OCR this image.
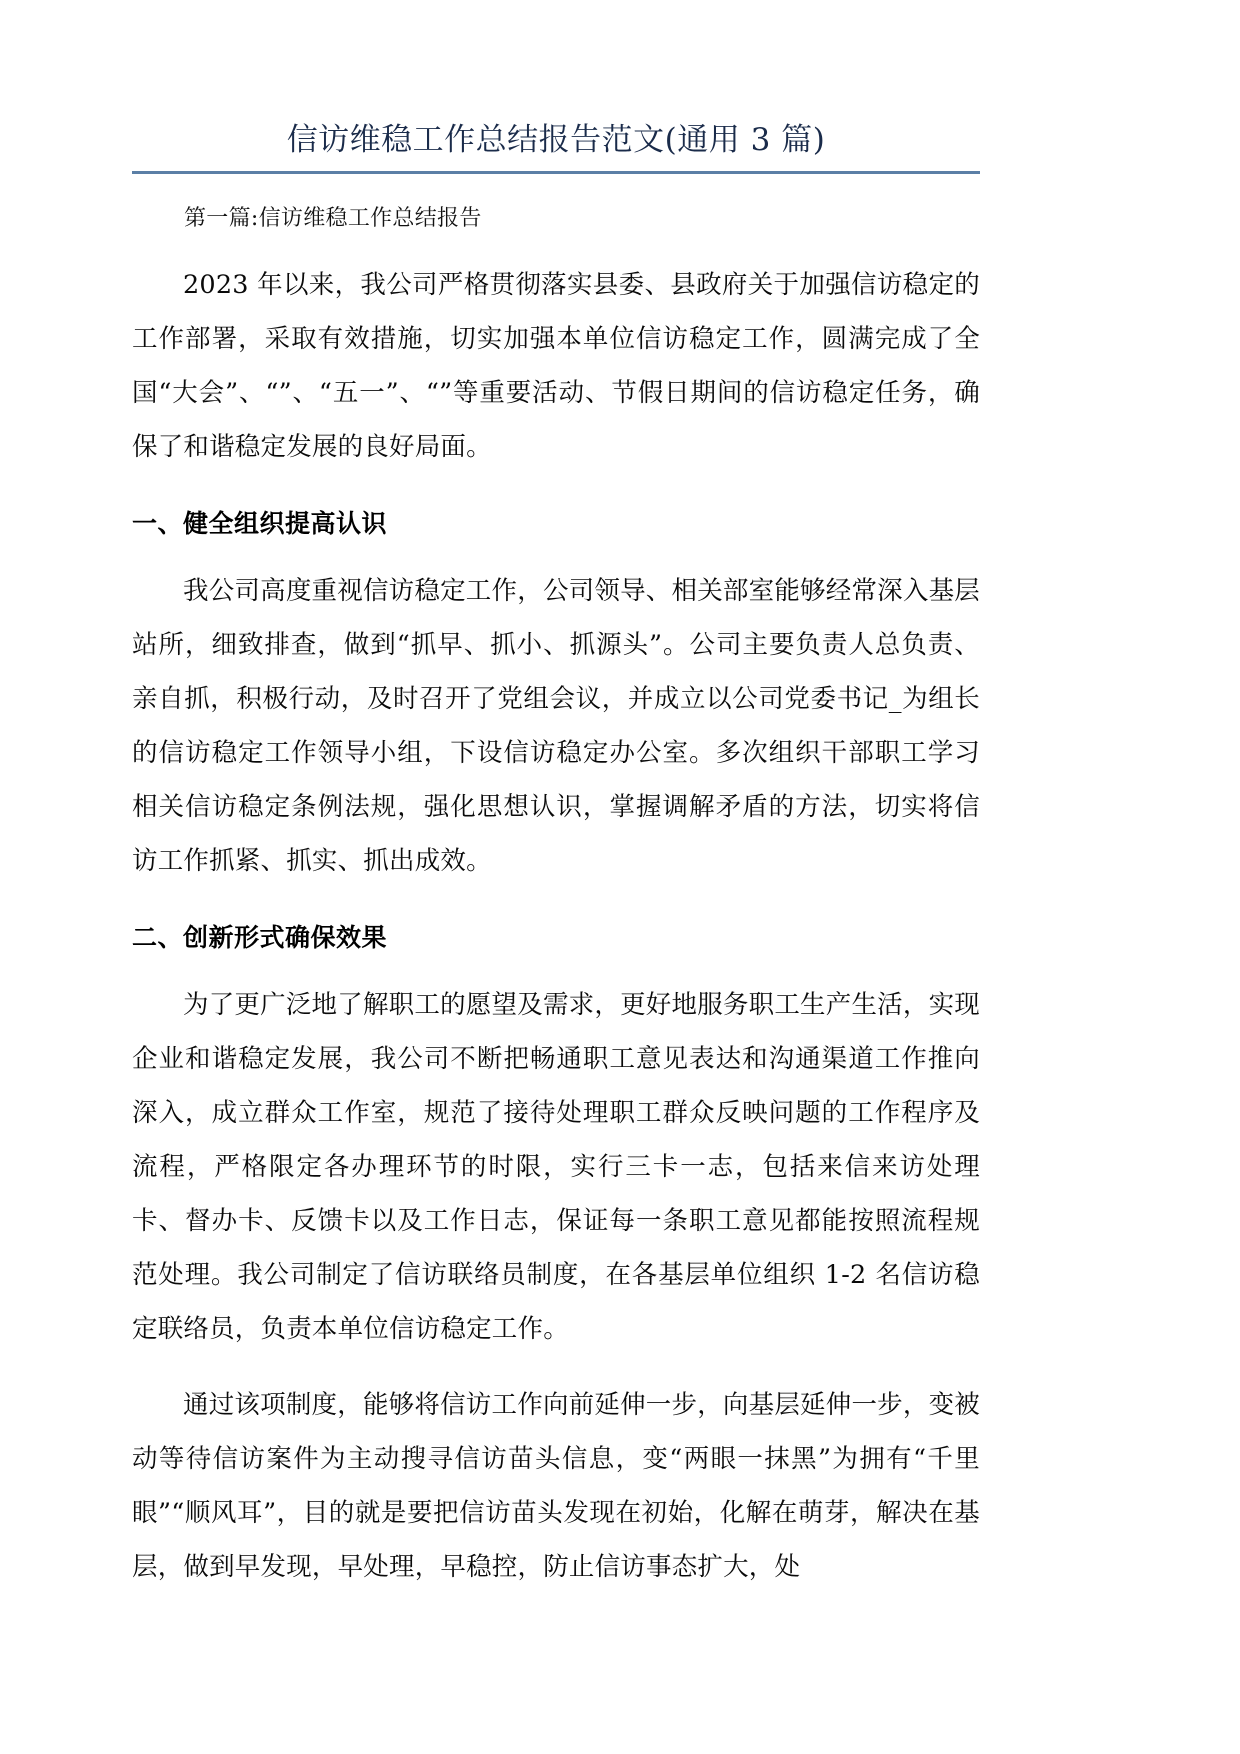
信访维稳工作总结报告范文(通用 3 篇)
第一篇:信访维稳工作总结报告

2023 年以来，我公司严格贯彻落实县委、县政府关于加强信访稳定的工作部署，采取有效措施，切实加强本单位信访稳定工作，圆满完成了全国“大会”、“”、“五一”、“”等重要活动、节假日期间的信访稳定任务，确保了和谐稳定发展的良好局面。

一、健全组织提高认识

我公司高度重视信访稳定工作，公司领导、相关部室能够经常深入基层站所，细致排查，做到“抓早、抓小、抓源头”。公司主要负责人总负责、亲自抓，积极行动，及时召开了党组会议，并成立以公司党委书记_为组长的信访稳定工作领导小组，下设信访稳定办公室。多次组织干部职工学习相关信访稳定条例法规，强化思想认识，掌握调解矛盾的方法，切实将信访工作抓紧、抓实、抓出成效。

二、创新形式确保效果

为了更广泛地了解职工的愿望及需求，更好地服务职工生产生活，实现企业和谐稳定发展，我公司不断把畅通职工意见表达和沟通渠道工作推向深入，成立群众工作室，规范了接待处理职工群众反映问题的工作程序及流程，严格限定各办理环节的时限，实行三卡一志，包括来信来访处理卡、督办卡、反馈卡以及工作日志，保证每一条职工意见都能按照流程规范处理。我公司制定了信访联络员制度，在各基层单位组织 1-2 名信访稳定联络员，负责本单位信访稳定工作。

通过该项制度，能够将信访工作向前延伸一步，向基层延伸一步，变被动等待信访案件为主动搜寻信访苗头信息，变“两眼一抹黑”为拥有“千里眼”“顺风耳”，目的就是要把信访苗头发现在初始，化解在萌芽，解决在基层，做到早发现，早处理，早稳控，防止信访事态扩大，处
